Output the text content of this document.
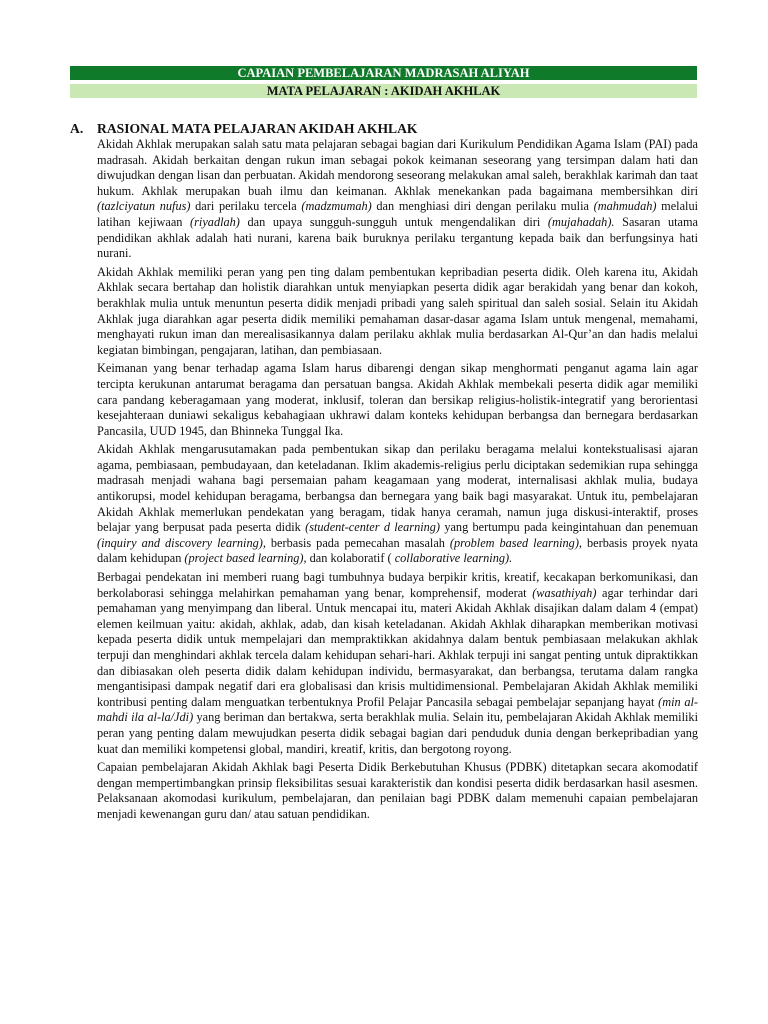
CAPAIAN PEMBELAJARAN MADRASAH ALIYAH
MATA PELAJARAN : AKIDAH AKHLAK
A. RASIONAL MATA PELAJARAN AKIDAH AKHLAK

Akidah Akhlak merupakan salah satu mata pelajaran sebagai bagian dari Kurikulum Pendidikan Agama Islam (PAI) pada madrasah. Akidah berkaitan dengan rukun iman sebagai pokok keimanan seseorang yang tersimpan dalam hati dan diwujudkan dengan lisan dan perbuatan. Akidah mendorong seseorang melakukan amal saleh, berakhlak karimah dan taat hukum. Akhlak merupakan buah ilmu dan keimanan. Akhlak menekankan pada bagaimana membersihkan diri (tazlciyatun nufus) dari perilaku tercela (madzmumah) dan menghiasi diri dengan perilaku mulia (mahmudah) melalui latihan kejiwaan (riyadlah) dan upaya sungguh-sungguh untuk mengendalikan diri (mujahadah). Sasaran utama pendidikan akhlak adalah hati nurani, karena baik buruknya perilaku tergantung kepada baik dan berfungsinya hati nurani.

Akidah Akhlak memiliki peran yang pen ting dalam pembentukan kepribadian peserta didik. Oleh karena itu, Akidah Akhlak secara bertahap dan holistik diarahkan untuk menyiapkan peserta didik agar berakidah yang benar dan kokoh, berakhlak mulia untuk menuntun peserta didik menjadi pribadi yang saleh spiritual dan saleh sosial. Selain itu Akidah Akhlak juga diarahkan agar peserta didik memiliki pemahaman dasar-dasar agama Islam untuk mengenal, memahami, menghayati rukun iman dan merealisasikannya dalam perilaku akhlak mulia berdasarkan Al-Qur’an dan hadis melalui kegiatan bimbingan, pengajaran, latihan, dan pembiasaan.

Keimanan yang benar terhadap agama Islam harus dibarengi dengan sikap menghormati penganut agama lain agar tercipta kerukunan antarumat beragama dan persatuan bangsa. Akidah Akhlak membekali peserta didik agar memiliki cara pandang keberagamaan yang moderat, inklusif, toleran dan bersikap religius-holistik-integratif yang berorientasi kesejahteraan duniawi sekaligus kebahagiaan ukhrawi dalam konteks kehidupan berbangsa dan bernegara berdasarkan Pancasila, UUD 1945, dan Bhinneka Tunggal Ika.

Akidah Akhlak mengarusutamakan pada pembentukan sikap dan perilaku beragama melalui kontekstualisasi ajaran agama, pembiasaan, pembudayaan, dan keteladanan. Iklim akademis-religius perlu diciptakan sedemikian rupa sehingga madrasah menjadi wahana bagi persemaian paham keagamaan yang moderat, internalisasi akhlak mulia, budaya antikorupsi, model kehidupan beragama, berbangsa dan bernegara yang baik bagi masyarakat. Untuk itu, pembelajaran Akidah Akhlak memerlukan pendekatan yang beragam, tidak hanya ceramah, namun juga diskusi-interaktif, proses belajar yang berpusat pada peserta didik (student-center d learning) yang bertumpu pada keingintahuan dan penemuan (inquiry and discovery learning), berbasis pada pemecahan masalah (problem based learning), berbasis proyek nyata dalam kehidupan (project based learning), dan kolaboratif ( collaborative learning).

Berbagai pendekatan ini memberi ruang bagi tumbuhnya budaya berpikir kritis, kreatif, kecakapan berkomunikasi, dan berkolaborasi sehingga melahirkan pemahaman yang benar, komprehensif, moderat (wasathiyah) agar terhindar dari pemahaman yang menyimpang dan liberal. Untuk mencapai itu, materi Akidah Akhlak disajikan dalam dalam 4 (empat) elemen keilmuan yaitu: akidah, akhlak, adab, dan kisah keteladanan. Akidah Akhlak diharapkan memberikan motivasi kepada peserta didik untuk mempelajari dan mempraktikkan akidahnya dalam bentuk pembiasaan melakukan akhlak terpuji dan menghindari akhlak tercela dalam kehidupan sehari-hari. Akhlak terpuji ini sangat penting untuk dipraktikkan dan dibiasakan oleh peserta didik dalam kehidupan individu, bermasyarakat, dan berbangsa, terutama dalam rangka mengantisipasi dampak negatif dari era globalisasi dan krisis multidimensional. Pembelajaran Akidah Akhlak memiliki kontribusi penting dalam menguatkan terbentuknya Profil Pelajar Pancasila sebagai pembelajar sepanjang hayat (min al-mahdi ila al-la/Jdi) yang beriman dan bertakwa, serta berakhlak mulia. Selain itu, pembelajaran Akidah Akhlak memiliki peran yang penting dalam mewujudkan peserta didik sebagai bagian dari penduduk dunia dengan berkepribadian yang kuat dan memiliki kompetensi global, mandiri, kreatif, kritis, dan bergotong royong.

Capaian pembelajaran Akidah Akhlak bagi Peserta Didik Berkebutuhan Khusus (PDBK) ditetapkan secara akomodatif dengan mempertimbangkan prinsip fleksibilitas sesuai karakteristik dan kondisi peserta didik berdasarkan hasil asesmen. Pelaksanaan akomodasi kurikulum, pembelajaran, dan penilaian bagi PDBK dalam memenuhi capaian pembelajaran menjadi kewenangan guru dan/ atau satuan pendidikan.
